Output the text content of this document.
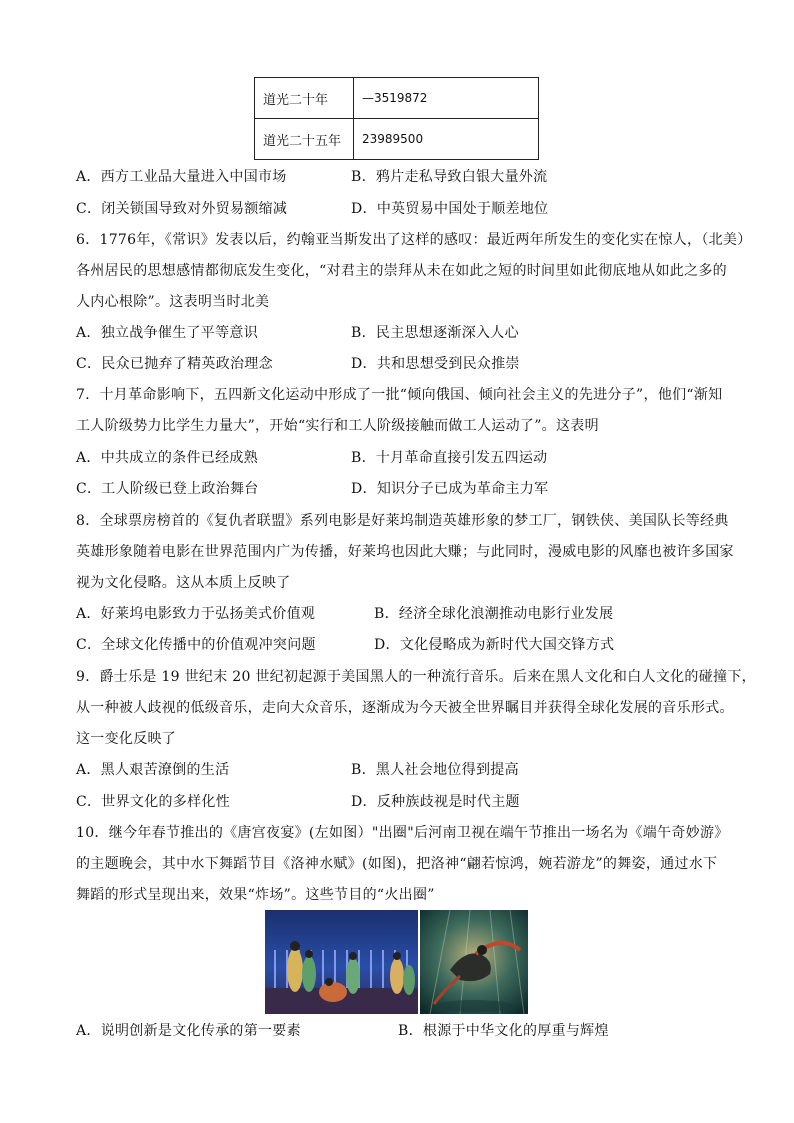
道光二十年	—3519872
道光二十五年	23989500
A．西方工业品大量进入中国市场	B．鸦片走私导致白银大量外流
C．闭关锁国导致对外贸易额缩减	D．中英贸易中国处于顺差地位
6．1776年，《常识》发表以后，约翰亚当斯发出了这样的感叹：最近两年所发生的变化实在惊人，（北美）
各州居民的思想感情都彻底发生变化，“对君主的崇拜从未在如此之短的时间里如此彻底地从如此之多的
人内心根除”。这表明当时北美
A．独立战争催生了平等意识	B．民主思想逐渐深入人心
C．民众已抛弃了精英政治理念	D．共和思想受到民众推崇
7．十月革命影响下，五四新文化运动中形成了一批“倾向俄国、倾向社会主义的先进分子”，他们“渐知
工人阶级势力比学生力量大”，开始“实行和工人阶级接触而做工人运动了”。这表明
A．中共成立的条件已经成熟	B．十月革命直接引发五四运动
C．工人阶级已登上政治舞台	D．知识分子已成为革命主力军
8．全球票房榜首的《复仇者联盟》系列电影是好莱坞制造英雄形象的梦工厂，钢铁侠、美国队长等经典
英雄形象随着电影在世界范围内广为传播，好莱坞也因此大赚；与此同时，漫威电影的风靡也被许多国家
视为文化侵略。这从本质上反映了
A．好莱坞电影致力于弘扬美式价值观	B．经济全球化浪潮推动电影行业发展
C．全球文化传播中的价值观冲突问题	D．文化侵略成为新时代大国交锋方式
9．爵士乐是 19 世纪末 20 世纪初起源于美国黑人的一种流行音乐。后来在黑人文化和白人文化的碰撞下，
从一种被人歧视的低级音乐，走向大众音乐，逐渐成为今天被全世界瞩目并获得全球化发展的音乐形式。
这一变化反映了
A．黑人艰苦潦倒的生活	B．黑人社会地位得到提高
C．世界文化的多样化性	D．反种族歧视是时代主题
10．继今年春节推出的《唐宫夜宴》(左如图）"出圈"后河南卫视在端午节推出一场名为《端午奇妙游》
的主题晚会，其中水下舞蹈节目《洛神水赋》(如图)，把洛神“翩若惊鸿，婉若游龙”的舞姿，通过水下
舞蹈的形式呈现出来，效果“炸场”。这些节目的“火出圈”
A．说明创新是文化传承的第一要素	B．根源于中华文化的厚重与辉煌
